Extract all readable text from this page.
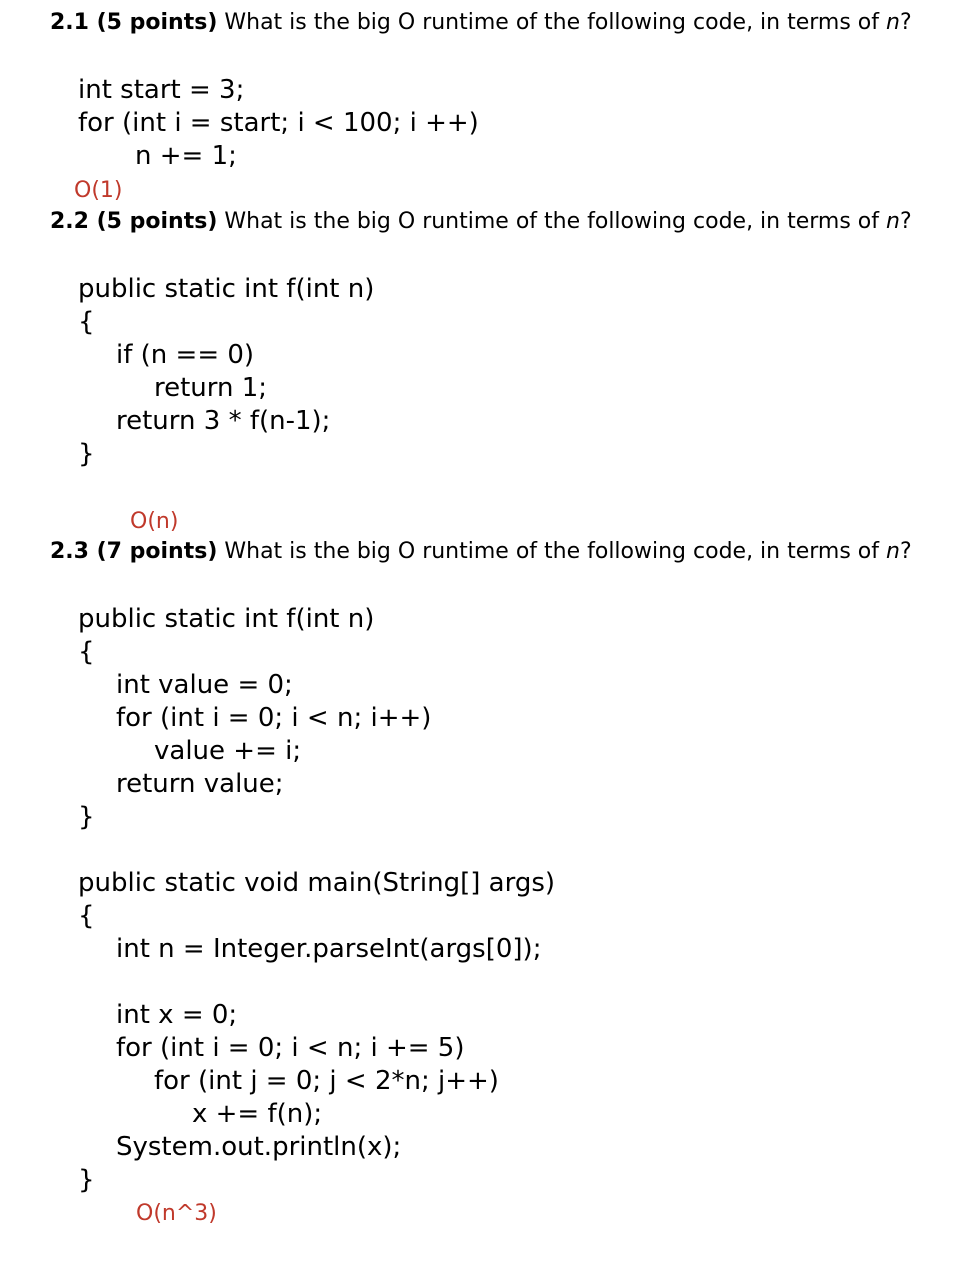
2.1 (5 points) What is the big O runtime of the following code, in terms of n?
int start = 3;
for (int i = start; i < 100; i ++)
n += 1;
O(1)
2.2 (5 points) What is the big O runtime of the following code, in terms of n?
public static int f(int n)
{
if (n == 0)
return 1;
return 3 * f(n-1);
}
O(n)
2.3 (7 points) What is the big O runtime of the following code, in terms of n?
public static int f(int n)
{
int value = 0;
for (int i = 0; i < n; i++)
value += i;
return value;
}
public static void main(String[] args)
{
int n = Integer.parseInt(args[0]);
int x = 0;
for (int i = 0; i < n; i += 5)
for (int j = 0; j < 2*n; j++)
x += f(n);
System.out.println(x);
}
O(n^3)
